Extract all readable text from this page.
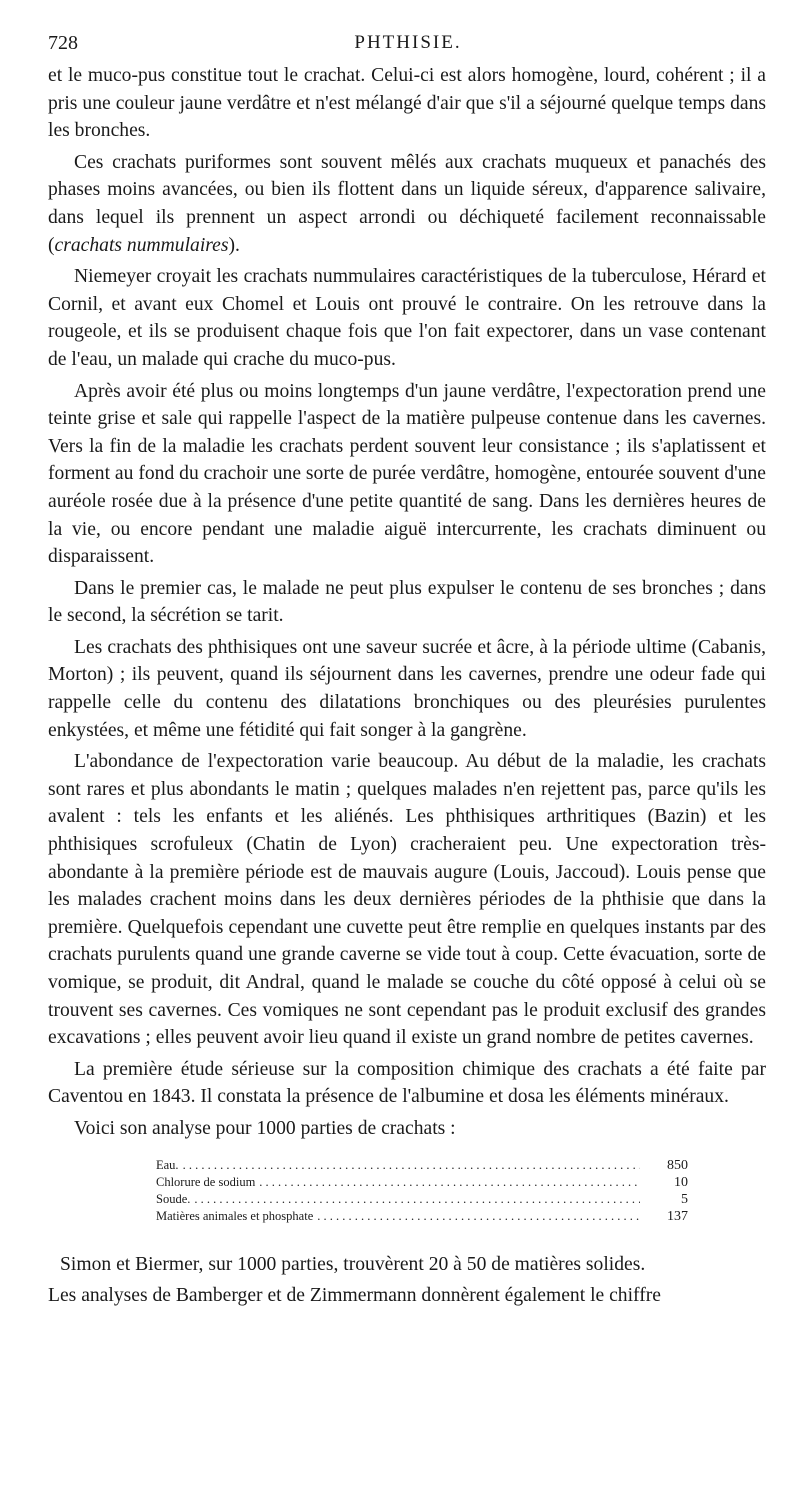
728	PHTHISIE.

et le muco-pus constitue tout le crachat. Celui-ci est alors homogène, lourd, cohérent ; il a pris une couleur jaune verdâtre et n'est mélangé d'air que s'il a séjourné quelque temps dans les bronches.

Ces crachats puriformes sont souvent mêlés aux crachats muqueux et panachés des phases moins avancées, ou bien ils flottent dans un liquide séreux, d'apparence salivaire, dans lequel ils prennent un aspect arrondi ou déchiqueté facilement reconnaissable (crachats nummulaires).

Niemeyer croyait les crachats nummulaires caractéristiques de la tuberculose, Hérard et Cornil, et avant eux Chomel et Louis ont prouvé le contraire. On les retrouve dans la rougeole, et ils se produisent chaque fois que l'on fait expectorer, dans un vase contenant de l'eau, un malade qui crache du muco-pus.

Après avoir été plus ou moins longtemps d'un jaune verdâtre, l'expectoration prend une teinte grise et sale qui rappelle l'aspect de la matière pulpeuse contenue dans les cavernes. Vers la fin de la maladie les crachats perdent souvent leur consistance ; ils s'aplatissent et forment au fond du crachoir une sorte de purée verdâtre, homogène, entourée souvent d'une auréole rosée due à la présence d'une petite quantité de sang. Dans les dernières heures de la vie, ou encore pendant une maladie aiguë intercurrente, les crachats diminuent ou disparaissent.

Dans le premier cas, le malade ne peut plus expulser le contenu de ses bronches ; dans le second, la sécrétion se tarit.

Les crachats des phthisiques ont une saveur sucrée et âcre, à la période ultime (Cabanis, Morton) ; ils peuvent, quand ils séjournent dans les cavernes, prendre une odeur fade qui rappelle celle du contenu des dilatations bronchiques ou des pleurésies purulentes enkystées, et même une fétidité qui fait songer à la gangrène.

L'abondance de l'expectoration varie beaucoup. Au début de la maladie, les crachats sont rares et plus abondants le matin ; quelques malades n'en rejettent pas, parce qu'ils les avalent : tels les enfants et les aliénés. Les phthisiques arthritiques (Bazin) et les phthisiques scrofuleux (Chatin de Lyon) cracheraient peu. Une expectoration très-abondante à la première période est de mauvais augure (Louis, Jaccoud). Louis pense que les malades crachent moins dans les deux dernières périodes de la phthisie que dans la première. Quelquefois cependant une cuvette peut être remplie en quelques instants par des crachats purulents quand une grande caverne se vide tout à coup. Cette évacuation, sorte de vomique, se produit, dit Andral, quand le malade se couche du côté opposé à celui où se trouvent ses cavernes. Ces vomiques ne sont cependant pas le produit exclusif des grandes excavations ; elles peuvent avoir lieu quand il existe un grand nombre de petites cavernes.

La première étude sérieuse sur la composition chimique des crachats a été faite par Caventou en 1843. Il constata la présence de l'albumine et dosa les éléments minéraux.

Voici son analyse pour 1000 parties de crachats :

Eau. . . .	850
Chlorure de sodium . . .	10
Soude. . . .	5
Matières animales et phosphate . . .	137

Simon et Biermer, sur 1000 parties, trouvèrent 20 à 50 de matières solides.

Les analyses de Bamberger et de Zimmermann donnèrent également le chiffre
